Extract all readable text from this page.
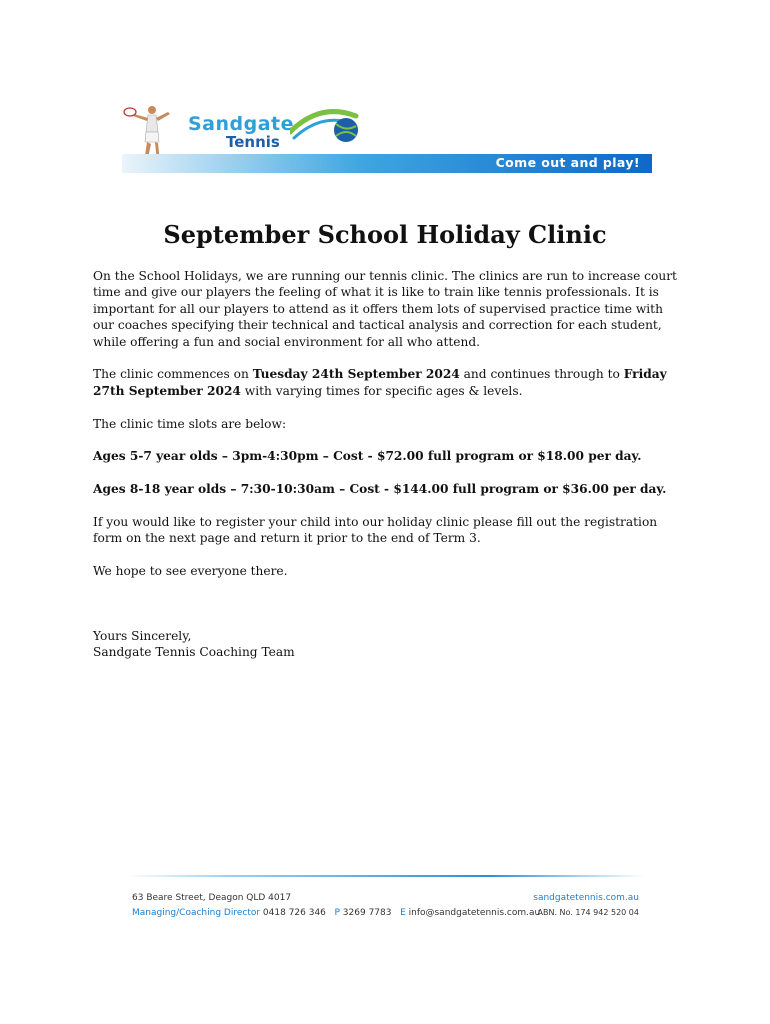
Sandgate
Tennis
Come out and play!
September School Holiday Clinic

On the School Holidays, we are running our tennis clinic. The clinics are run to increase court time and give our players the feeling of what it is like to train like tennis professionals. It is important for all our players to attend as it offers them lots of supervised practice time with our coaches specifying their technical and tactical analysis and correction for each student, while offering a fun and social environment for all who attend.

The clinic commences on Tuesday 24th September 2024 and continues through to Friday 27th September 2024 with varying times for specific ages & levels.

The clinic time slots are below:

Ages 5-7 year olds – 3pm-4:30pm – Cost - $72.00 full program or $18.00 per day.

Ages 8-18 year olds – 7:30-10:30am – Cost - $144.00 full program or $36.00 per day.

If you would like to register your child into our holiday clinic please fill out the registration form on the next page and return it prior to the end of Term 3.

We hope to see everyone there.

Yours Sincerely,
Sandgate Tennis Coaching Team
63 Beare Street, Deagon QLD 4017
Managing/Coaching Director 0418 726 346 P 3269 7783 E info@sandgatetennis.com.au
sandgatetennis.com.au
ABN. No. 174 942 520 04
